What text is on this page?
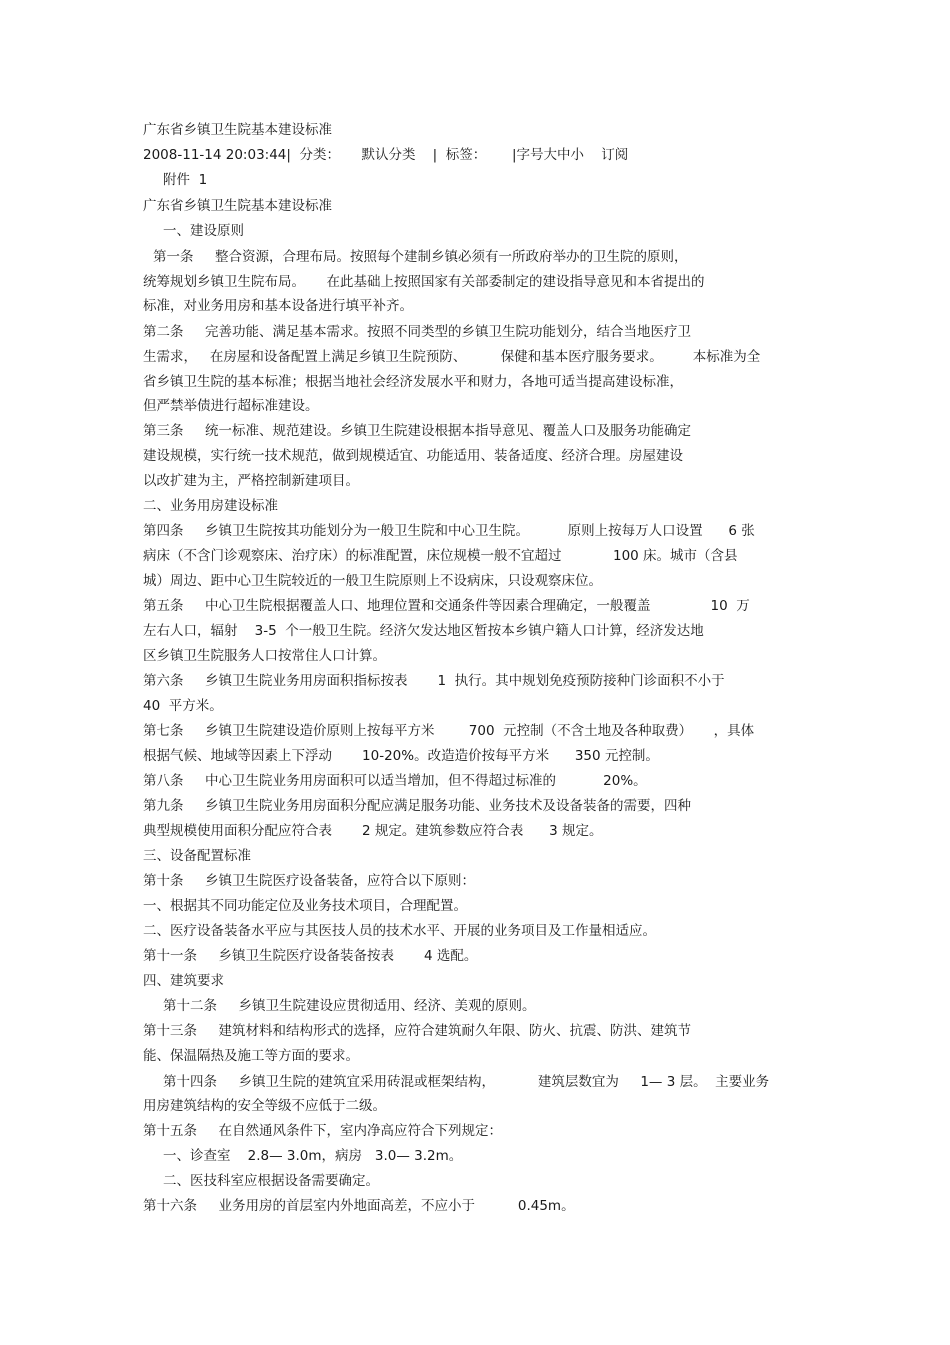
广东省乡镇卫生院基本建设标准
2008-11-14 20:03:44|  分类：     默认分类    |  标签：      |字号大中小    订阅
附件  1
广东省乡镇卫生院基本建设标准
一、建设原则
第一条     整合资源，合理布局。按照每个建制乡镇必须有一所政府举办的卫生院的原则，
统筹规划乡镇卫生院布局。     在此基础上按照国家有关部委制定的建设指导意见和本省提出的
标准，对业务用房和基本设备进行填平补齐。
第二条     完善功能、满足基本需求。按照不同类型的乡镇卫生院功能划分，结合当地医疗卫
生需求，   在房屋和设备配置上满足乡镇卫生院预防、        保健和基本医疗服务要求。       本标准为全
省乡镇卫生院的基本标准；根据当地社会经济发展水平和财力，各地可适当提高建设标准，
但严禁举债进行超标准建设。
第三条     统一标准、规范建设。乡镇卫生院建设根据本指导意见、覆盖人口及服务功能确定
建设规模，实行统一技术规范，做到规模适宜、功能适用、装备适度、经济合理。房屋建设
以改扩建为主，严格控制新建项目。
二、业务用房建设标准
第四条     乡镇卫生院按其功能划分为一般卫生院和中心卫生院。         原则上按每万人口设置      6 张
病床（不含门诊观察床、治疗床）的标准配置，床位规模一般不宜超过            100 床。城市（含县
城）周边、距中心卫生院较近的一般卫生院原则上不设病床，只设观察床位。
第五条     中心卫生院根据覆盖人口、地理位置和交通条件等因素合理确定，一般覆盖              10  万
左右人口，辐射    3-5  个一般卫生院。经济欠发达地区暂按本乡镇户籍人口计算，经济发达地
区乡镇卫生院服务人口按常住人口计算。
第六条     乡镇卫生院业务用房面积指标按表       1  执行。其中规划免疫预防接种门诊面积不小于
40  平方米。
第七条     乡镇卫生院建设造价原则上按每平方米        700  元控制（不含土地及各种取费）     ，具体
根据气候、地域等因素上下浮动       10-20%。改造造价按每平方米      350 元控制。
第八条     中心卫生院业务用房面积可以适当增加，但不得超过标准的           20%。
第九条     乡镇卫生院业务用房面积分配应满足服务功能、业务技术及设备装备的需要，四种
典型规模使用面积分配应符合表       2 规定。建筑参数应符合表      3 规定。
三、设备配置标准
第十条     乡镇卫生院医疗设备装备，应符合以下原则：
一、根据其不同功能定位及业务技术项目，合理配置。
二、医疗设备装备水平应与其医技人员的技术水平、开展的业务项目及工作量相适应。
第十一条     乡镇卫生院医疗设备装备按表       4 选配。
四、建筑要求
第十二条     乡镇卫生院建设应贯彻适用、经济、美观的原则。
第十三条     建筑材料和结构形式的选择，应符合建筑耐久年限、防火、抗震、防洪、建筑节
能、保温隔热及施工等方面的要求。
第十四条     乡镇卫生院的建筑宜采用砖混或框架结构，          建筑层数宜为     1— 3 层。  主要业务
用房建筑结构的安全等级不应低于二级。
第十五条     在自然通风条件下，室内净高应符合下列规定：
一、诊查室    2.8— 3.0m，病房   3.0— 3.2m。
二、医技科室应根据设备需要确定。
第十六条     业务用房的首层室内外地面高差，不应小于          0.45m。
